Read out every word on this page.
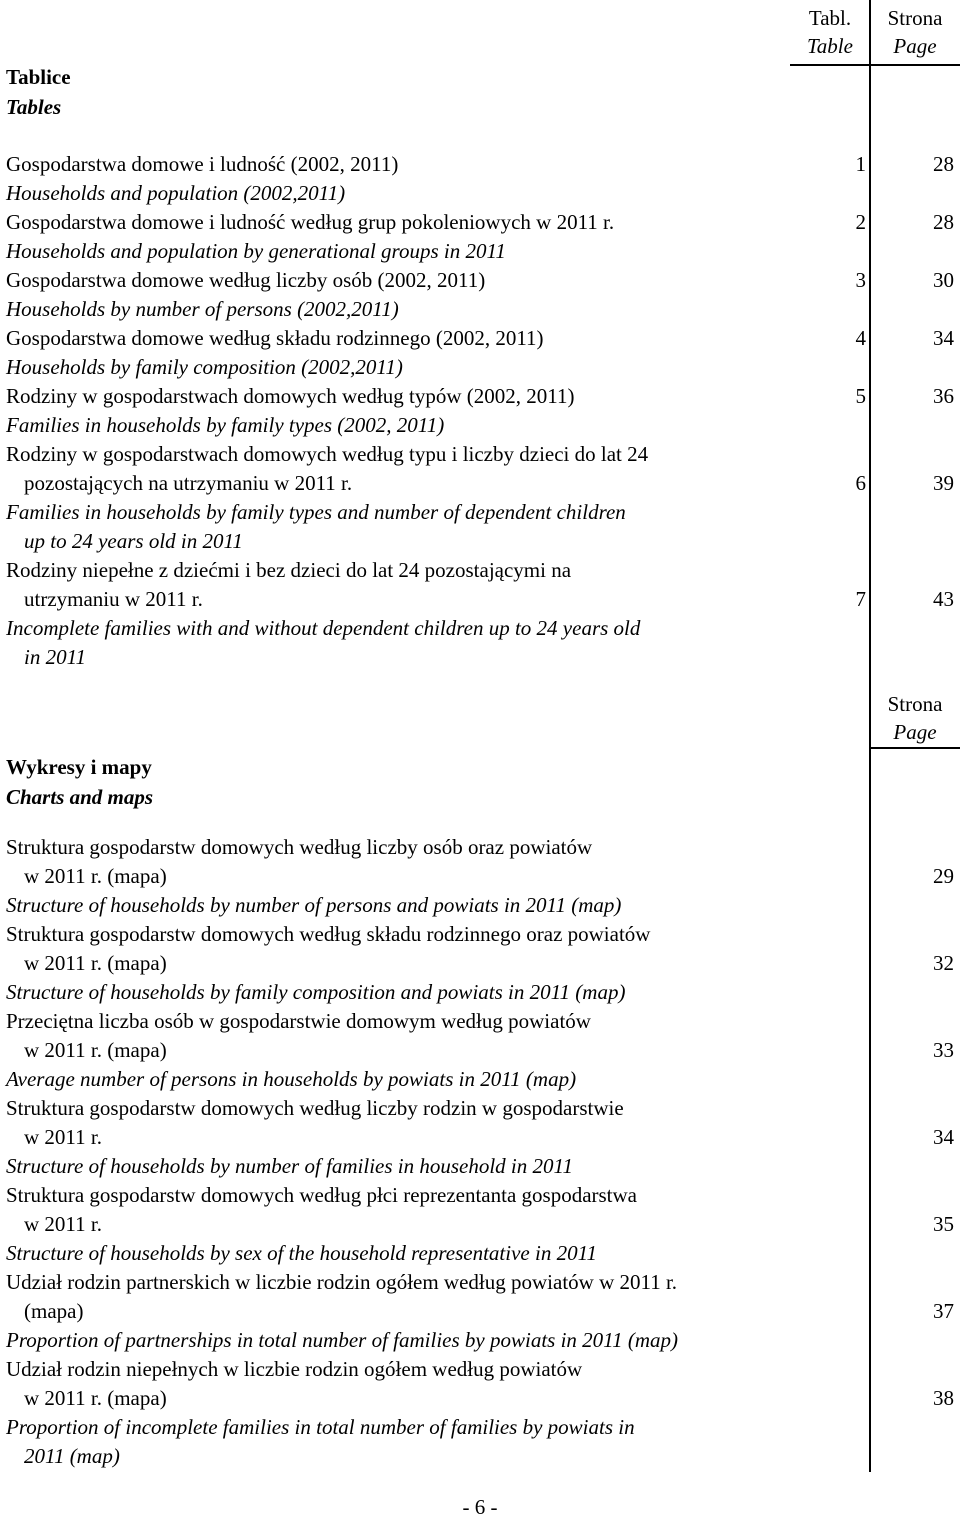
Tabl.
Table
Strona
Page
Tablice
Tables
Gospodarstwa domowe i ludność (2002, 2011) .....	1	28
Households and population (2002,2011)
Gospodarstwa domowe i ludność według grup pokoleniowych w 2011 r. .....	2	28
Households and population by generational groups in 2011
Gospodarstwa domowe według liczby osób (2002, 2011) .....	3	30
Households by number of persons (2002,2011)
Gospodarstwa domowe według składu rodzinnego (2002, 2011) .....	4	34
Households by family composition (2002,2011)
Rodziny w gospodarstwach domowych według typów (2002, 2011) .....	5	36
Families in households by family types (2002, 2011)
Rodziny w gospodarstwach domowych według typu i liczby dzieci do lat 24
pozostających na utrzymaniu w 2011 r. .....	6	39
Families in households by family types and number of dependent children
up to 24 years old in 2011
Rodziny niepełne z dziećmi i bez dzieci do lat 24 pozostającymi na
utrzymaniu w 2011 r. .....	7	43
Incomplete families with and without dependent children up to 24 years old
in 2011
Strona
Page
Wykresy i mapy
Charts and maps
Struktura gospodarstw domowych według liczby osób oraz powiatów
w 2011 r. (mapa) .....	29
Structure of households by number of persons and powiats in 2011 (map)
Struktura gospodarstw domowych według składu rodzinnego oraz powiatów
w 2011 r. (mapa) .....	32
Structure of households by family composition and powiats in 2011 (map)
Przeciętna liczba osób w gospodarstwie domowym według powiatów
w 2011 r. (mapa) .....	33
Average number of persons in households by powiats in 2011 (map)
Struktura gospodarstw domowych według liczby rodzin w gospodarstwie
w 2011 r. .....	34
Structure of households by number of families in household in 2011
Struktura gospodarstw domowych według płci reprezentanta gospodarstwa
w 2011 r. .....	35
Structure of households by sex of the household representative in 2011
Udział rodzin partnerskich w liczbie rodzin ogółem według powiatów w 2011 r.
(mapa) .....	37
Proportion of partnerships in total number of families by powiats in 2011 (map)
Udział rodzin niepełnych w liczbie rodzin ogółem według powiatów
w 2011 r. (mapa) .....	38
Proportion of incomplete families in total number of families by powiats in
2011 (map)
- 6 -
